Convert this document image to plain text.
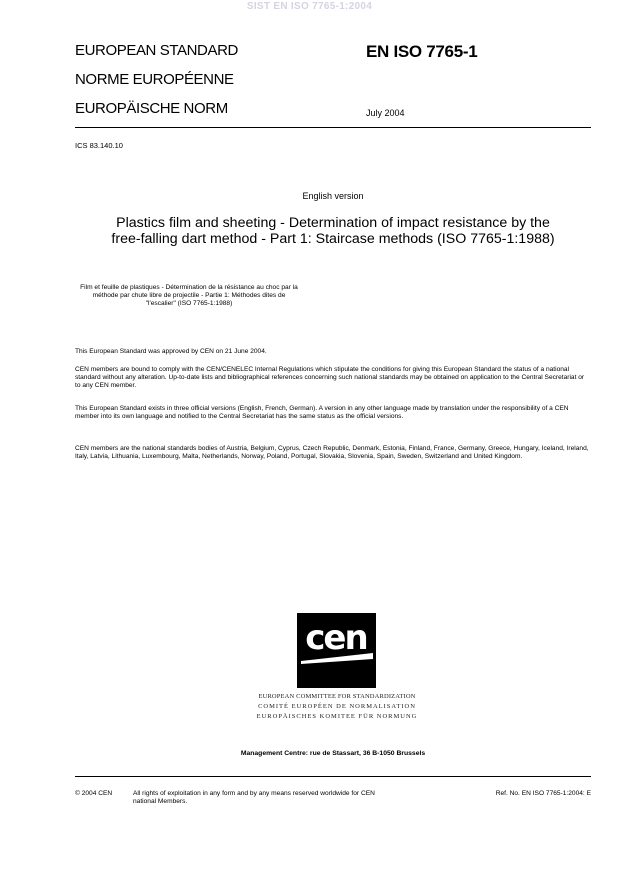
SIST EN ISO 7765-1:2004
EUROPEAN STANDARD
NORME EUROPÉENNE
EUROPÄISCHE NORM
EN ISO 7765-1
July 2004
ICS 83.140.10
English version
Plastics film and sheeting - Determination of impact resistance by the free-falling dart method - Part 1: Staircase methods (ISO 7765-1:1988)
Film et feuille de plastiques - Détermination de la résistance au choc par la méthode par chute libre de projectile - Partie 1: Méthodes dites de "l'escalier" (ISO 7765-1:1988)
This European Standard was approved by CEN on 21 June 2004.
CEN members are bound to comply with the CEN/CENELEC Internal Regulations which stipulate the conditions for giving this European Standard the status of a national standard without any alteration. Up-to-date lists and bibliographical references concerning such national standards may be obtained on application to the Central Secretariat or to any CEN member.
This European Standard exists in three official versions (English, French, German). A version in any other language made by translation under the responsibility of a CEN member into its own language and notified to the Central Secretariat has the same status as the official versions.
CEN members are the national standards bodies of Austria, Belgium, Cyprus, Czech Republic, Denmark, Estonia, Finland, France, Germany, Greece, Hungary, Iceland, Ireland, Italy, Latvia, Lithuania, Luxembourg, Malta, Netherlands, Norway, Poland, Portugal, Slovakia, Slovenia, Spain, Sweden, Switzerland and United Kingdom.
cen
EUROPEAN COMMITTEE FOR STANDARDIZATION
COMITÉ EUROPÉEN DE NORMALISATION
EUROPÄISCHES KOMITEE FÜR NORMUNG
Management Centre: rue de Stassart, 36 B-1050 Brussels
© 2004 CEN	All rights of exploitation in any form and by any means reserved worldwide for CEN national Members.
Ref. No. EN ISO 7765-1:2004: E
